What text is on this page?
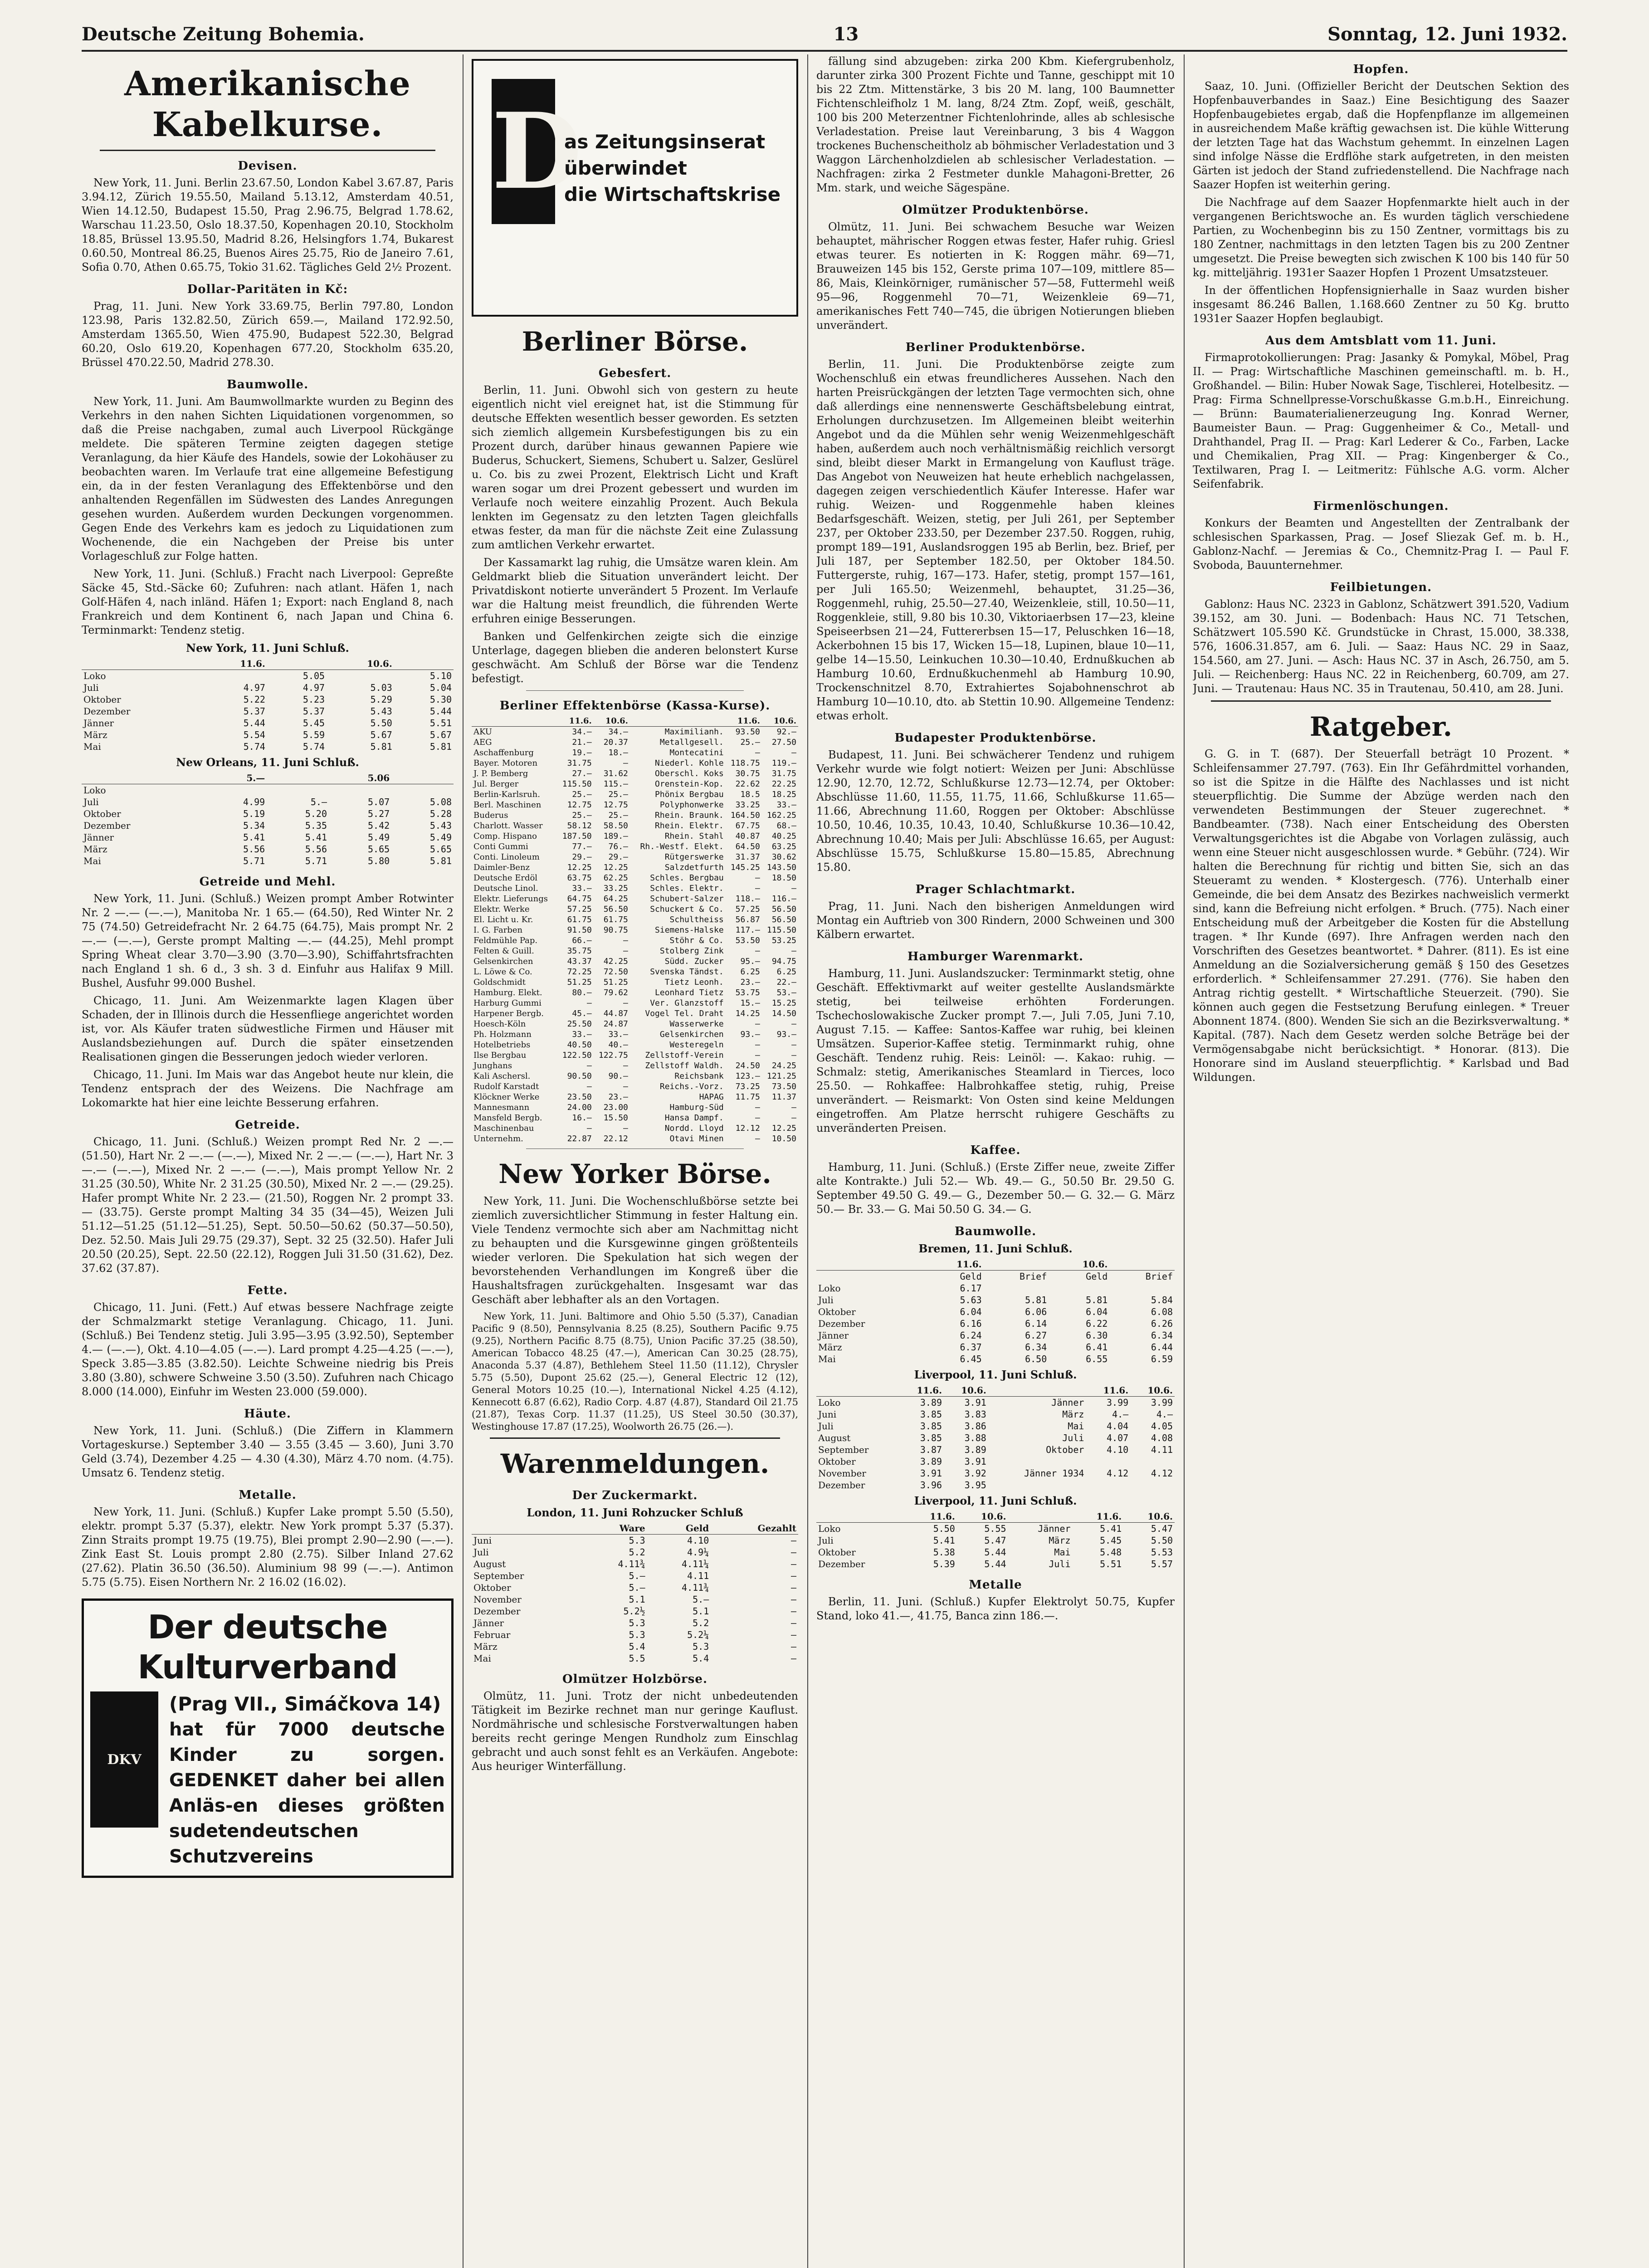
Deutsche Zeitung Bohemia.	13	Sonntag, 12. Juni 1932.
Amerikanische Kabelkurse.
Devisen.

New York, 11. Juni. Berlin 23.67.50, London Kabel 3.67.87, Paris 3.94.12, Zürich 19.55.50, Mailand 5.13.12, Amsterdam 40.51, Wien 14.12.50, Budapest 15.50, Prag 2.96.75, Belgrad 1.78.62, Warschau 11.23.50, Oslo 18.37.50, Kopenhagen 20.10, Stockholm 18.85, Brüssel 13.95.50, Madrid 8.26, Helsingfors 1.74, Bukarest 0.60.50, Montreal 86.25, Buenos Aires 25.75, Rio de Janeiro 7.61, Sofia 0.70, Athen 0.65.75, Tokio 31.62. Tägliches Geld 2½ Prozent.

Dollar-Paritäten in Kč:

Prag, 11. Juni. New York 33.69.75, Berlin 797.80, London 123.98, Paris 132.82.50, Zürich 659.—, Mailand 172.92.50, Amsterdam 1365.50, Wien 475.90, Budapest 522.30, Belgrad 60.20, Oslo 619.20, Kopenhagen 677.20, Stockholm 635.20, Brüssel 470.22.50, Madrid 278.30.

Baumwolle.

New York, 11. Juni. Am Baumwollmarkte wurden zu Beginn des Verkehrs in den nahen Sichten Liquidationen vorgenommen, so daß die Preise nachgaben, zumal auch Liverpool Rückgänge meldete. Die späteren Termine zeigten dagegen stetige Veranlagung, da hier Käufe des Handels, sowie der Lokohäuser zu beobachten waren. Im Verlaufe trat eine allgemeine Befestigung ein, da in der festen Veranlagung des Effektenbörse und den anhaltenden Regenfällen im Südwesten des Landes Anregungen gesehen wurden. Außerdem wurden Deckungen vorgenommen. Gegen Ende des Verkehrs kam es jedoch zu Liquidationen zum Wochenende, die ein Nachgeben der Preise bis unter Vorlageschluß zur Folge hatten.

New York, 11. Juni. (Schluß.) Fracht nach Liverpool: Gepreßte Säcke 45, Std.-Säcke 60; Zufuhren: nach atlant. Häfen 1, nach Golf-Häfen 4, nach inländ. Häfen 1; Export: nach England 8, nach Frankreich und dem Kontinent 6, nach Japan und China 6. Terminmarkt: Tendenz stetig.

New York, 11. Juni Schluß.
	11.6.		10.6.	
Loko		5.05		5.10
Juli	4.97	4.97	5.03	5.04
Oktober	5.22	5.23	5.29	5.30
Dezember	5.37	5.37	5.43	5.44
Jänner	5.44	5.45	5.50	5.51
März	5.54	5.59	5.67	5.67
Mai	5.74	5.74	5.81	5.81
New Orleans, 11. Juni Schluß.
	5.—		5.06	
Loko				
Juli	4.99	5.—	5.07	5.08
Oktober	5.19	5.20	5.27	5.28
Dezember	5.34	5.35	5.42	5.43
Jänner	5.41	5.41	5.49	5.49
März	5.56	5.56	5.65	5.65
Mai	5.71	5.71	5.80	5.81
Getreide und Mehl.

New York, 11. Juni. (Schluß.) Weizen prompt Amber Rotwinter Nr. 2 —.— (—.—), Manitoba Nr. 1 65.— (64.50), Red Winter Nr. 2 75 (74.50) Getreidefracht Nr. 2 64.75 (64.75), Mais prompt Nr. 2 —.— (—.—), Gerste prompt Malting —.— (44.25), Mehl prompt Spring Wheat clear 3.70—3.90 (3.70—3.90), Schiffahrtsfrachten nach England 1 sh. 6 d., 3 sh. 3 d. Einfuhr aus Halifax 9 Mill. Bushel, Ausfuhr 99.000 Bushel.

Chicago, 11. Juni. Am Weizenmarkte lagen Klagen über Schaden, der in Illinois durch die Hessenfliege angerichtet worden ist, vor. Als Käufer traten südwestliche Firmen und Häuser mit Auslandsbeziehungen auf. Durch die später einsetzenden Realisationen gingen die Besserungen jedoch wieder verloren.

Chicago, 11. Juni. Im Mais war das Angebot heute nur klein, die Tendenz entsprach der des Weizens. Die Nachfrage am Lokomarkte hat hier eine leichte Besserung erfahren.

Getreide.

Chicago, 11. Juni. (Schluß.) Weizen prompt Red Nr. 2 —.— (51.50), Hart Nr. 2 —.— (—.—), Mixed Nr. 2 —.— (—.—), Hart Nr. 3 —.— (—.—), Mixed Nr. 2 —.— (—.—), Mais prompt Yellow Nr. 2 31.25 (30.50), White Nr. 2 31.25 (30.50), Mixed Nr. 2 —.— (29.25). Hafer prompt White Nr. 2 23.— (21.50), Roggen Nr. 2 prompt 33.— (33.75). Gerste prompt Malting 34 35 (34—45), Weizen Juli 51.12—51.25 (51.12—51.25), Sept. 50.50—50.62 (50.37—50.50), Dez. 52.50. Mais Juli 29.75 (29.37), Sept. 32 25 (32.50). Hafer Juli 20.50 (20.25), Sept. 22.50 (22.12), Roggen Juli 31.50 (31.62), Dez. 37.62 (37.87).

Fette.

Chicago, 11. Juni. (Fett.) Auf etwas bessere Nachfrage zeigte der Schmalzmarkt stetige Veranlagung. Chicago, 11. Juni. (Schluß.) Bei Tendenz stetig. Juli 3.95—3.95 (3.92.50), September 4.— (—.—), Okt. 4.10—4.05 (—.—). Lard prompt 4.25—4.25 (—.—), Speck 3.85—3.85 (3.82.50). Leichte Schweine niedrig bis Preis 3.80 (3.80), schwere Schweine 3.50 (3.50). Zufuhren nach Chicago 8.000 (14.000), Einfuhr im Westen 23.000 (59.000).

Häute.

New York, 11. Juni. (Schluß.) (Die Ziffern in Klammern Vortageskurse.) September 3.40 — 3.55 (3.45 — 3.60), Juni 3.70 Geld (3.74), Dezember 4.25 — 4.30 (4.30), März 4.70 nom. (4.75). Umsatz 6. Tendenz stetig.

Metalle.

New York, 11. Juni. (Schluß.) Kupfer Lake prompt 5.50 (5.50), elektr. prompt 5.37 (5.37), elektr. New York prompt 5.37 (5.37). Zinn Straits prompt 19.75 (19.75), Blei prompt 2.90—2.90 (—.—). Zink East St. Louis prompt 2.80 (2.75). Silber Inland 27.62 (27.62). Platin 36.50 (36.50). Aluminium 98 99 (—.—). Antimon 5.75 (5.75). Eisen Northern Nr. 2 16.02 (16.02).

Der deutsche Kulturverband
DKV
(Prag VII., Simáčkova 14)
hat für 7000 deutsche Kinder zu sorgen. GEDENKET daher bei allen Anläs-en dieses größten sudetendeutschen Schutzvereins
D
as Zeitungsinserat
überwindet
die Wirtschaftskrise
Berliner Börse.
Gebesfert.

Berlin, 11. Juni. Obwohl sich von gestern zu heute eigentlich nicht viel ereignet hat, ist die Stimmung für deutsche Effekten wesentlich besser geworden. Es setzten sich ziemlich allgemein Kursbefestigungen bis zu ein Prozent durch, darüber hinaus gewannen Papiere wie Buderus, Schuckert, Siemens, Schubert u. Salzer, Geslürel u. Co. bis zu zwei Prozent, Elektrisch Licht und Kraft waren sogar um drei Prozent gebessert und wurden im Verlaufe noch weitere einzahlig Prozent. Auch Bekula lenkten im Gegensatz zu den letzten Tagen gleichfalls etwas fester, da man für die nächste Zeit eine Zulassung zum amtlichen Verkehr erwartet.

Der Kassamarkt lag ruhig, die Umsätze waren klein. Am Geldmarkt blieb die Situation unverändert leicht. Der Privatdiskont notierte unverändert 5 Prozent. Im Verlaufe war die Haltung meist freundlich, die führenden Werte erfuhren einige Besserungen.

Banken und Gelfenkirchen zeigte sich die einzige Unterlage, dagegen blieben die anderen belonstert Kurse geschwächt. Am Schluß der Börse war die Tendenz befestigt.

Berliner Effektenbörse (Kassa-Kurse).
	11.6.	10.6.		11.6.	10.6.
AKU	34.—	34.—	Maximilianh.	93.50	92.—
AEG	21.—	20.37	Metallgesell.	25.—	27.50
Aschaffenburg	19.—	18.—	Montecatini	—	—
Bayer. Motoren	31.75	—	Niederl. Kohle	118.75	119.—
J. P. Bemberg	27.—	31.62	Oberschl. Koks	30.75	31.75
Jul. Berger	115.50	115.—	Orenstein-Kop.	22.62	22.25
Berlin-Karlsruh.	25.—	25.—	Phönix Bergbau	18.5	18.25
Berl. Maschinen	12.75	12.75	Polyphonwerke	33.25	33.—
Buderus	25.—	25.—	Rhein. Braunk.	164.50	162.25
Charlott. Wasser	58.12	58.50	Rhein. Elektr.	67.75	68.—
Comp. Hispano	187.50	189.—	Rhein. Stahl	40.87	40.25
Conti Gummi	77.—	76.—	Rh.-Westf. Elekt.	64.50	63.25
Conti. Linoleum	29.—	29.—	Rütgerswerke	31.37	30.62
Daimler-Benz	12.25	12.25	Salzdetfurth	145.25	143.50
Deutsche Erdöl	63.75	62.25	Schles. Bergbau	—	18.50
Deutsche Linol.	33.—	33.25	Schles. Elektr.	—	—
Elektr. Lieferungs	64.75	64.25	Schubert-Salzer	118.—	116.—
Elektr. Werke	57.25	56.50	Schuckert & Co.	57.25	56.50
El. Licht u. Kr.	61.75	61.75	Schultheiss	56.87	56.50
I. G. Farben	91.50	90.75	Siemens-Halske	117.—	115.50
Feldmühle Pap.	66.—	—	Stöhr & Co.	53.50	53.25
Felten & Guill.	35.75	—	Stolberg Zink	—	—
Gelsenkirchen	43.37	42.25	Südd. Zucker	95.—	94.75
L. Löwe & Co.	72.25	72.50	Svenska Tändst.	6.25	6.25
Goldschmidt	51.25	51.25	Tietz Leonh.	23.—	22.—
Hamburg. Elekt.	80.—	79.62	Leonhard Tietz	53.75	53.—
Harburg Gummi	—	—	Ver. Glanzstoff	15.—	15.25
Harpener Bergb.	45.—	44.87	Vogel Tel. Draht	14.25	14.50
Hoesch-Köln	25.50	24.87	Wasserwerke	—	—
Ph. Holzmann	33.—	33.—	Gelsenkirchen	93.—	93.—
Hotelbetriebs	40.50	40.—	Westeregeln	—	—
Ilse Bergbau	122.50	122.75	Zellstoff-Verein	—	—
Junghans	—	—	Zellstoff Waldh.	24.50	24.25
Kali Aschersl.	90.50	90.—	Reichsbank	123.—	121.25
Rudolf Karstadt	—	—	Reichs.-Vorz.	73.25	73.50
Klöckner Werke	23.50	23.—	HAPAG	11.75	11.37
Mannesmann	24.00	23.00	Hamburg-Süd	—	—
Mansfeld Bergb.	16.—	15.50	Hansa Dampf.	—	—
Maschinenbau	—	—	Nordd. Lloyd	12.12	12.25
Unternehm.	22.87	22.12	Otavi Minen	—	10.50
New Yorker Börse.

New York, 11. Juni. Die Wochenschlußbörse setzte bei ziemlich zuversichtlicher Stimmung in fester Haltung ein. Viele Tendenz vermochte sich aber am Nachmittag nicht zu behaupten und die Kursgewinne gingen größtenteils wieder verloren. Die Spekulation hat sich wegen der bevorstehenden Verhandlungen im Kongreß über die Haushaltsfragen zurückgehalten. Insgesamt war das Geschäft aber lebhafter als an den Vortagen.

New York, 11. Juni. Baltimore and Ohio 5.50 (5.37), Canadian Pacific 9 (8.50), Pennsylvania 8.25 (8.25), Southern Pacific 9.75 (9.25), Northern Pacific 8.75 (8.75), Union Pacific 37.25 (38.50), American Tobacco 48.25 (47.—), American Can 30.25 (28.75), Anaconda 5.37 (4.87), Bethlehem Steel 11.50 (11.12), Chrysler 5.75 (5.50), Dupont 25.62 (25.—), General Electric 12 (12), General Motors 10.25 (10.—), International Nickel 4.25 (4.12), Kennecott 6.87 (6.62), Radio Corp. 4.87 (4.87), Standard Oil 21.75 (21.87), Texas Corp. 11.37 (11.25), US Steel 30.50 (30.37), Westinghouse 17.87 (17.25), Woolworth 26.75 (26.—).

Warenmeldungen.
Der Zuckermarkt.
London, 11. Juni Rohzucker Schluß
	Ware	Geld	Gezahlt
Juni	5.3	4.10	—
Juli	5.2	4.9¼	—
August	4.11¾	4.11¼	—
September	5.—	4.11	—
Oktober	5.—	4.11¾	—
November	5.1	5.—	—
Dezember	5.2½	5.1	—
Jänner	5.3	5.2	—
Februar	5.3	5.2¼	—
März	5.4	5.3	—
Mai	5.5	5.4	—
Olmützer Holzbörse.

Olmütz, 11. Juni. Trotz der nicht unbedeutenden Tätigkeit im Bezirke rechnet man nur geringe Kauflust. Nordmährische und schlesische Forstverwaltungen haben bereits recht geringe Mengen Rundholz zum Einschlag gebracht und auch sonst fehlt es an Verkäufen. Angebote: Aus heuriger Winterfällung.

fällung sind abzugeben: zirka 200 Kbm. Kiefergrubenholz, darunter zirka 300 Prozent Fichte und Tanne, geschippt mit 10 bis 22 Ztm. Mittenstärke, 3 bis 20 M. lang, 100 Baumnetter Fichtenschleifholz 1 M. lang, 8/24 Ztm. Zopf, weiß, geschält, 100 bis 200 Meterzentner Fichtenlohrinde, alles ab schlesische Verladestation. Preise laut Vereinbarung, 3 bis 4 Waggon trockenes Buchenscheitholz ab böhmischer Verladestation und 3 Waggon Lärchenholzdielen ab schlesischer Verladestation. — Nachfragen: zirka 2 Festmeter dunkle Mahagoni-Bretter, 26 Mm. stark, und weiche Sägespäne.

Olmützer Produktenbörse.

Olmütz, 11. Juni. Bei schwachem Besuche war Weizen behauptet, mährischer Roggen etwas fester, Hafer ruhig. Griesl etwas teurer. Es notierten in K: Roggen mähr. 69—71, Brauweizen 145 bis 152, Gerste prima 107—109, mittlere 85—86, Mais, Kleinkörniger, rumänischer 57—58, Futtermehl weiß 95—96, Roggenmehl 70—71, Weizenkleie 69—71, amerikanisches Fett 740—745, die übrigen Notierungen blieben unverändert.

Berliner Produktenbörse.

Berlin, 11. Juni. Die Produktenbörse zeigte zum Wochenschluß ein etwas freundlicheres Aussehen. Nach den harten Preisrückgängen der letzten Tage vermochten sich, ohne daß allerdings eine nennenswerte Geschäftsbelebung eintrat, Erholungen durchzusetzen. Im Allgemeinen bleibt weiterhin Angebot und da die Mühlen sehr wenig Weizenmehlgeschäft haben, außerdem auch noch verhältnismäßig reichlich versorgt sind, bleibt dieser Markt in Ermangelung von Kauflust träge. Das Angebot von Neuweizen hat heute erheblich nachgelassen, dagegen zeigen verschiedentlich Käufer Interesse. Hafer war ruhig. Weizen- und Roggenmehle haben kleines Bedarfsgeschäft. Weizen, stetig, per Juli 261, per September 237, per Oktober 233.50, per Dezember 237.50. Roggen, ruhig, prompt 189—191, Auslandsroggen 195 ab Berlin, bez. Brief, per Juli 187, per September 182.50, per Oktober 184.50. Futtergerste, ruhig, 167—173. Hafer, stetig, prompt 157—161, per Juli 165.50; Weizenmehl, behauptet, 31.25—36, Roggenmehl, ruhig, 25.50—27.40, Weizenkleie, still, 10.50—11, Roggenkleie, still, 9.80 bis 10.30, Viktoriaerbsen 17—23, kleine Speiseerbsen 21—24, Futtererbsen 15—17, Peluschken 16—18, Ackerbohnen 15 bis 17, Wicken 15—18, Lupinen, blaue 10—11, gelbe 14—15.50, Leinkuchen 10.30—10.40, Erdnußkuchen ab Hamburg 10.60, Erdnußkuchenmehl ab Hamburg 10.90, Trockenschnitzel 8.70, Extrahiertes Sojabohnenschrot ab Hamburg 10—10.10, dto. ab Stettin 10.90. Allgemeine Tendenz: etwas erholt.

Budapester Produktenbörse.

Budapest, 11. Juni. Bei schwächerer Tendenz und ruhigem Verkehr wurde wie folgt notiert: Weizen per Juni: Abschlüsse 12.90, 12.70, 12.72, Schlußkurse 12.73—12.74, per Oktober: Abschlüsse 11.60, 11.55, 11.75, 11.66, Schlußkurse 11.65—11.66, Abrechnung 11.60, Roggen per Oktober: Abschlüsse 10.50, 10.46, 10.35, 10.43, 10.40, Schlußkurse 10.36—10.42, Abrechnung 10.40; Mais per Juli: Abschlüsse 16.65, per August: Abschlüsse 15.75, Schlußkurse 15.80—15.85, Abrechnung 15.80.

Prager Schlachtmarkt.

Prag, 11. Juni. Nach den bisherigen Anmeldungen wird Montag ein Auftrieb von 300 Rindern, 2000 Schweinen und 300 Kälbern erwartet.

Hamburger Warenmarkt.

Hamburg, 11. Juni. Auslandszucker: Terminmarkt stetig, ohne Geschäft. Effektivmarkt auf weiter gestellte Auslandsmärkte stetig, bei teilweise erhöhten Forderungen. Tschechoslowakische Zucker prompt 7.—, Juli 7.05, Juni 7.10, August 7.15. — Kaffee: Santos-Kaffee war ruhig, bei kleinen Umsätzen. Superior-Kaffee stetig. Terminmarkt ruhig, ohne Geschäft. Tendenz ruhig. Reis: Leinöl: —. Kakao: ruhig. — Schmalz: stetig, Amerikanisches Steamlard in Tierces, loco 25.50. — Rohkaffee: Halbrohkaffee stetig, ruhig, Preise unverändert. — Reismarkt: Von Osten sind keine Meldungen eingetroffen. Am Platze herrscht ruhigere Geschäfts zu unveränderten Preisen.

Kaffee.

Hamburg, 11. Juni. (Schluß.) (Erste Ziffer neue, zweite Ziffer alte Kontrakte.) Juli 52.— Wb. 49.— G., 50.50 Br. 29.50 G. September 49.50 G. 49.— G., Dezember 50.— G. 32.— G. März 50.— Br. 33.— G. Mai 50.50 G. 34.— G.

Baumwolle.
Bremen, 11. Juni Schluß.
	11.6.		10.6.	
	Geld	Brief	Geld	Brief
Loko	6.17			
Juli	5.63	5.81	5.81	5.84
Oktober	6.04	6.06	6.04	6.08
Dezember	6.16	6.14	6.22	6.26
Jänner	6.24	6.27	6.30	6.34
März	6.37	6.34	6.41	6.44
Mai	6.45	6.50	6.55	6.59
Liverpool, 11. Juni Schluß.
	11.6.	10.6.		11.6.	10.6.
Loko	3.89	3.91	Jänner	3.99	3.99
Juni	3.85	3.83	März	4.—	4.—
Juli	3.85	3.86	Mai	4.04	4.05
August	3.85	3.88	Juli	4.07	4.08
September	3.87	3.89	Oktober	4.10	4.11
Oktober	3.89	3.91			
November	3.91	3.92	Jänner 1934	4.12	4.12
Dezember	3.96	3.95			
Liverpool, 11. Juni Schluß.
	11.6.	10.6.		11.6.	10.6.
Loko	5.50	5.55	Jänner	5.41	5.47
Juli	5.41	5.47	März	5.45	5.50
Oktober	5.38	5.44	Mai	5.48	5.53
Dezember	5.39	5.44	Juli	5.51	5.57
Metalle

Berlin, 11. Juni. (Schluß.) Kupfer Elektrolyt 50.75, Kupfer Stand, loko 41.—, 41.75, Banca zinn 186.—.

Hopfen.

Saaz, 10. Juni. (Offizieller Bericht der Deutschen Sektion des Hopfenbauverbandes in Saaz.) Eine Besichtigung des Saazer Hopfenbaugebietes ergab, daß die Hopfenpflanze im allgemeinen in ausreichendem Maße kräftig gewachsen ist. Die kühle Witterung der letzten Tage hat das Wachstum gehemmt. In einzelnen Lagen sind infolge Nässe die Erdflöhe stark aufgetreten, in den meisten Gärten ist jedoch der Stand zufriedenstellend. Die Nachfrage nach Saazer Hopfen ist weiterhin gering.

Die Nachfrage auf dem Saazer Hopfenmarkte hielt auch in der vergangenen Berichtswoche an. Es wurden täglich verschiedene Partien, zu Wochenbeginn bis zu 150 Zentner, vormittags bis zu 180 Zentner, nachmittags in den letzten Tagen bis zu 200 Zentner umgesetzt. Die Preise bewegten sich zwischen K 100 bis 140 für 50 kg. mitteljährig. 1931er Saazer Hopfen 1 Prozent Umsatzsteuer.

In der öffentlichen Hopfensignierhalle in Saaz wurden bisher insgesamt 86.246 Ballen, 1.168.660 Zentner zu 50 Kg. brutto 1931er Saazer Hopfen beglaubigt.

Aus dem Amtsblatt vom 11. Juni.

Firmaprotokollierungen: Prag: Jasanky & Pomykal, Möbel, Prag II. — Prag: Wirtschaftliche Maschinen gemeinschaftl. m. b. H., Großhandel. — Bilin: Huber Nowak Sage, Tischlerei, Hotelbesitz. — Prag: Firma Schnellpresse-Vorschußkasse G.m.b.H., Einreichung. — Brünn: Baumaterialienerzeugung Ing. Konrad Werner, Baumeister Baun. — Prag: Guggenheimer & Co., Metall- und Drahthandel, Prag II. — Prag: Karl Lederer & Co., Farben, Lacke und Chemikalien, Prag XII. — Prag: Kingenberger & Co., Textilwaren, Prag I. — Leitmeritz: Fühlsche A.G. vorm. Alcher Seifenfabrik.

Firmenlöschungen.

Konkurs der Beamten und Angestellten der Zentralbank der schlesischen Sparkassen, Prag. — Josef Sliezak Gef. m. b. H., Gablonz-Nachf. — Jeremias & Co., Chemnitz-Prag I. — Paul F. Svoboda, Bauunternehmer.

Feilbietungen.

Gablonz: Haus NC. 2323 in Gablonz, Schätzwert 391.520, Vadium 39.152, am 30. Juni. — Bodenbach: Haus NC. 71 Tetschen, Schätzwert 105.590 Kč. Grundstücke in Chrast, 15.000, 38.338, 576, 1606.31.857, am 6. Juli. — Saaz: Haus NC. 29 in Saaz, 154.560, am 27. Juni. — Asch: Haus NC. 37 in Asch, 26.750, am 5. Juli. — Reichenberg: Haus NC. 22 in Reichenberg, 60.709, am 27. Juni. — Trautenau: Haus NC. 35 in Trautenau, 50.410, am 28. Juni.

Ratgeber.

G. G. in T. (687). Der Steuerfall beträgt 10 Prozent. * Schleifensammer 27.797. (763). Ein Ihr Gefährdmittel vorhanden, so ist die Spitze in die Hälfte des Nachlasses und ist nicht steuerpflichtig. Die Summe der Abzüge werden nach den verwendeten Bestimmungen der Steuer zugerechnet. * Bandbeamter. (738). Nach einer Entscheidung des Obersten Verwaltungsgerichtes ist die Abgabe von Vorlagen zulässig, auch wenn eine Steuer nicht ausgeschlossen wurde. * Gebühr. (724). Wir halten die Berechnung für richtig und bitten Sie, sich an das Steueramt zu wenden. * Klostergesch. (776). Unterhalb einer Gemeinde, die bei dem Ansatz des Bezirkes nachweislich vermerkt sind, kann die Befreiung nicht erfolgen. * Bruch. (775). Nach einer Entscheidung muß der Arbeitgeber die Kosten für die Abstellung tragen. * Ihr Kunde (697). Ihre Anfragen werden nach den Vorschriften des Gesetzes beantwortet. * Dahrer. (811). Es ist eine Anmeldung an die Sozialversicherung gemäß § 150 des Gesetzes erforderlich. * Schleifensammer 27.291. (776). Sie haben den Antrag richtig gestellt. * Wirtschaftliche Steuerzeit. (790). Sie können auch gegen die Festsetzung Berufung einlegen. * Treuer Abonnent 1874. (800). Wenden Sie sich an die Bezirksverwaltung. * Kapital. (787). Nach dem Gesetz werden solche Beträge bei der Vermögensabgabe nicht berücksichtigt. * Honorar. (813). Die Honorare sind im Ausland steuerpflichtig. * Karlsbad und Bad Wildungen.
